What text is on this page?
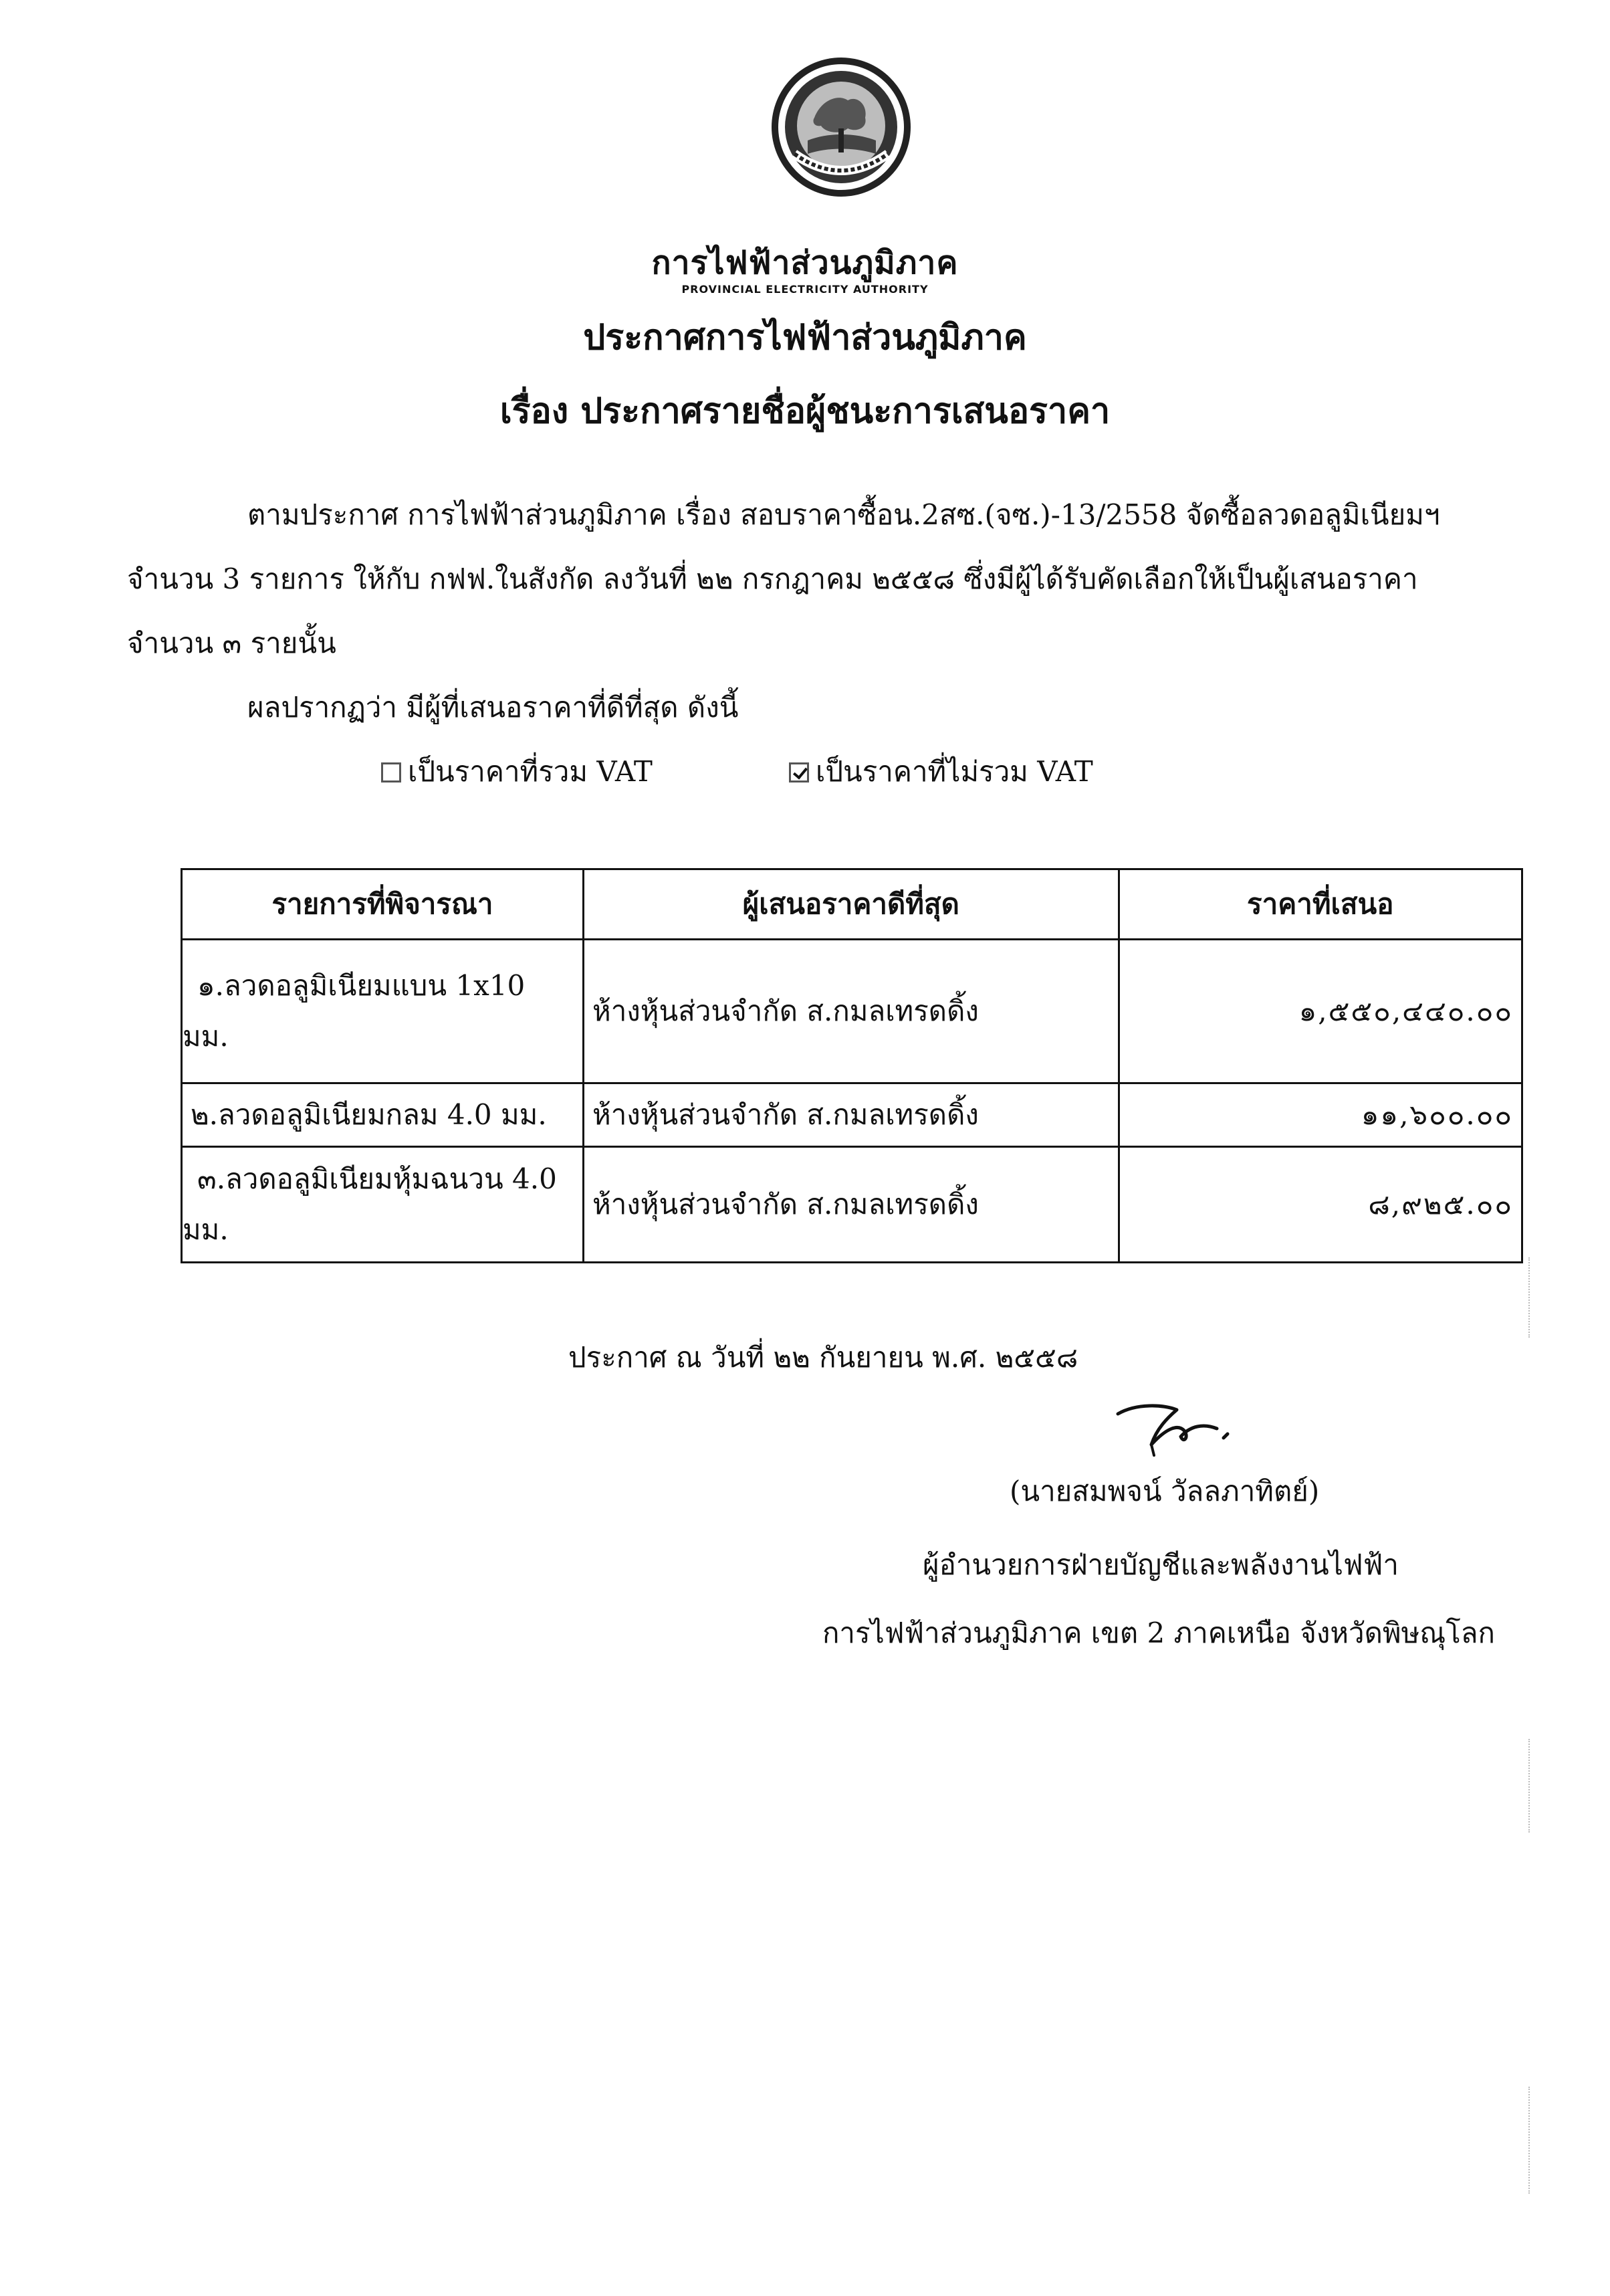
การไฟฟ้าส่วนภูมิภาค
PROVINCIAL ELECTRICITY AUTHORITY
ประกาศการไฟฟ้าส่วนภูมิภาค
เรื่อง ประกาศรายชื่อผู้ชนะการเสนอราคา
ตามประกาศ การไฟฟ้าส่วนภูมิภาค เรื่อง สอบราคาซื้อน.2สซ.(จซ.)-13/2558 จัดซื้อลวดอลูมิเนียมฯ
จำนวน 3 รายการ ให้กับ กฟฟ.ในสังกัด ลงวันที่ ๒๒ กรกฎาคม ๒๕๕๘ ซึ่งมีผู้ได้รับคัดเลือกให้เป็นผู้เสนอราคา
จำนวน ๓ รายนั้น
ผลปรากฏว่า มีผู้ที่เสนอราคาที่ดีที่สุด ดังนี้
เป็นราคาที่รวม VAT	เป็นราคาที่ไม่รวม VAT
รายการที่พิจารณา	ผู้เสนอราคาดีที่สุด	ราคาที่เสนอ

๑.ลวดอลูมิเนียมแบน 1x10
มม.	ห้างหุ้นส่วนจำกัด ส.กมลเทรดดิ้ง	๑,๕๕๐,๔๔๐.๐๐

๒.ลวดอลูมิเนียมกลม 4.0 มม.	ห้างหุ้นส่วนจำกัด ส.กมลเทรดดิ้ง	๑๑,๖๐๐.๐๐

๓.ลวดอลูมิเนียมหุ้มฉนวน 4.0
มม.	ห้างหุ้นส่วนจำกัด ส.กมลเทรดดิ้ง	๘,๙๒๕.๐๐
ประกาศ ณ วันที่ ๒๒ กันยายน พ.ศ. ๒๕๕๘
(นายสมพจน์ วัลลภาทิตย์)
ผู้อำนวยการฝ่ายบัญชีและพลังงานไฟฟ้า
การไฟฟ้าส่วนภูมิภาค เขต 2 ภาคเหนือ จังหวัดพิษณุโลก
